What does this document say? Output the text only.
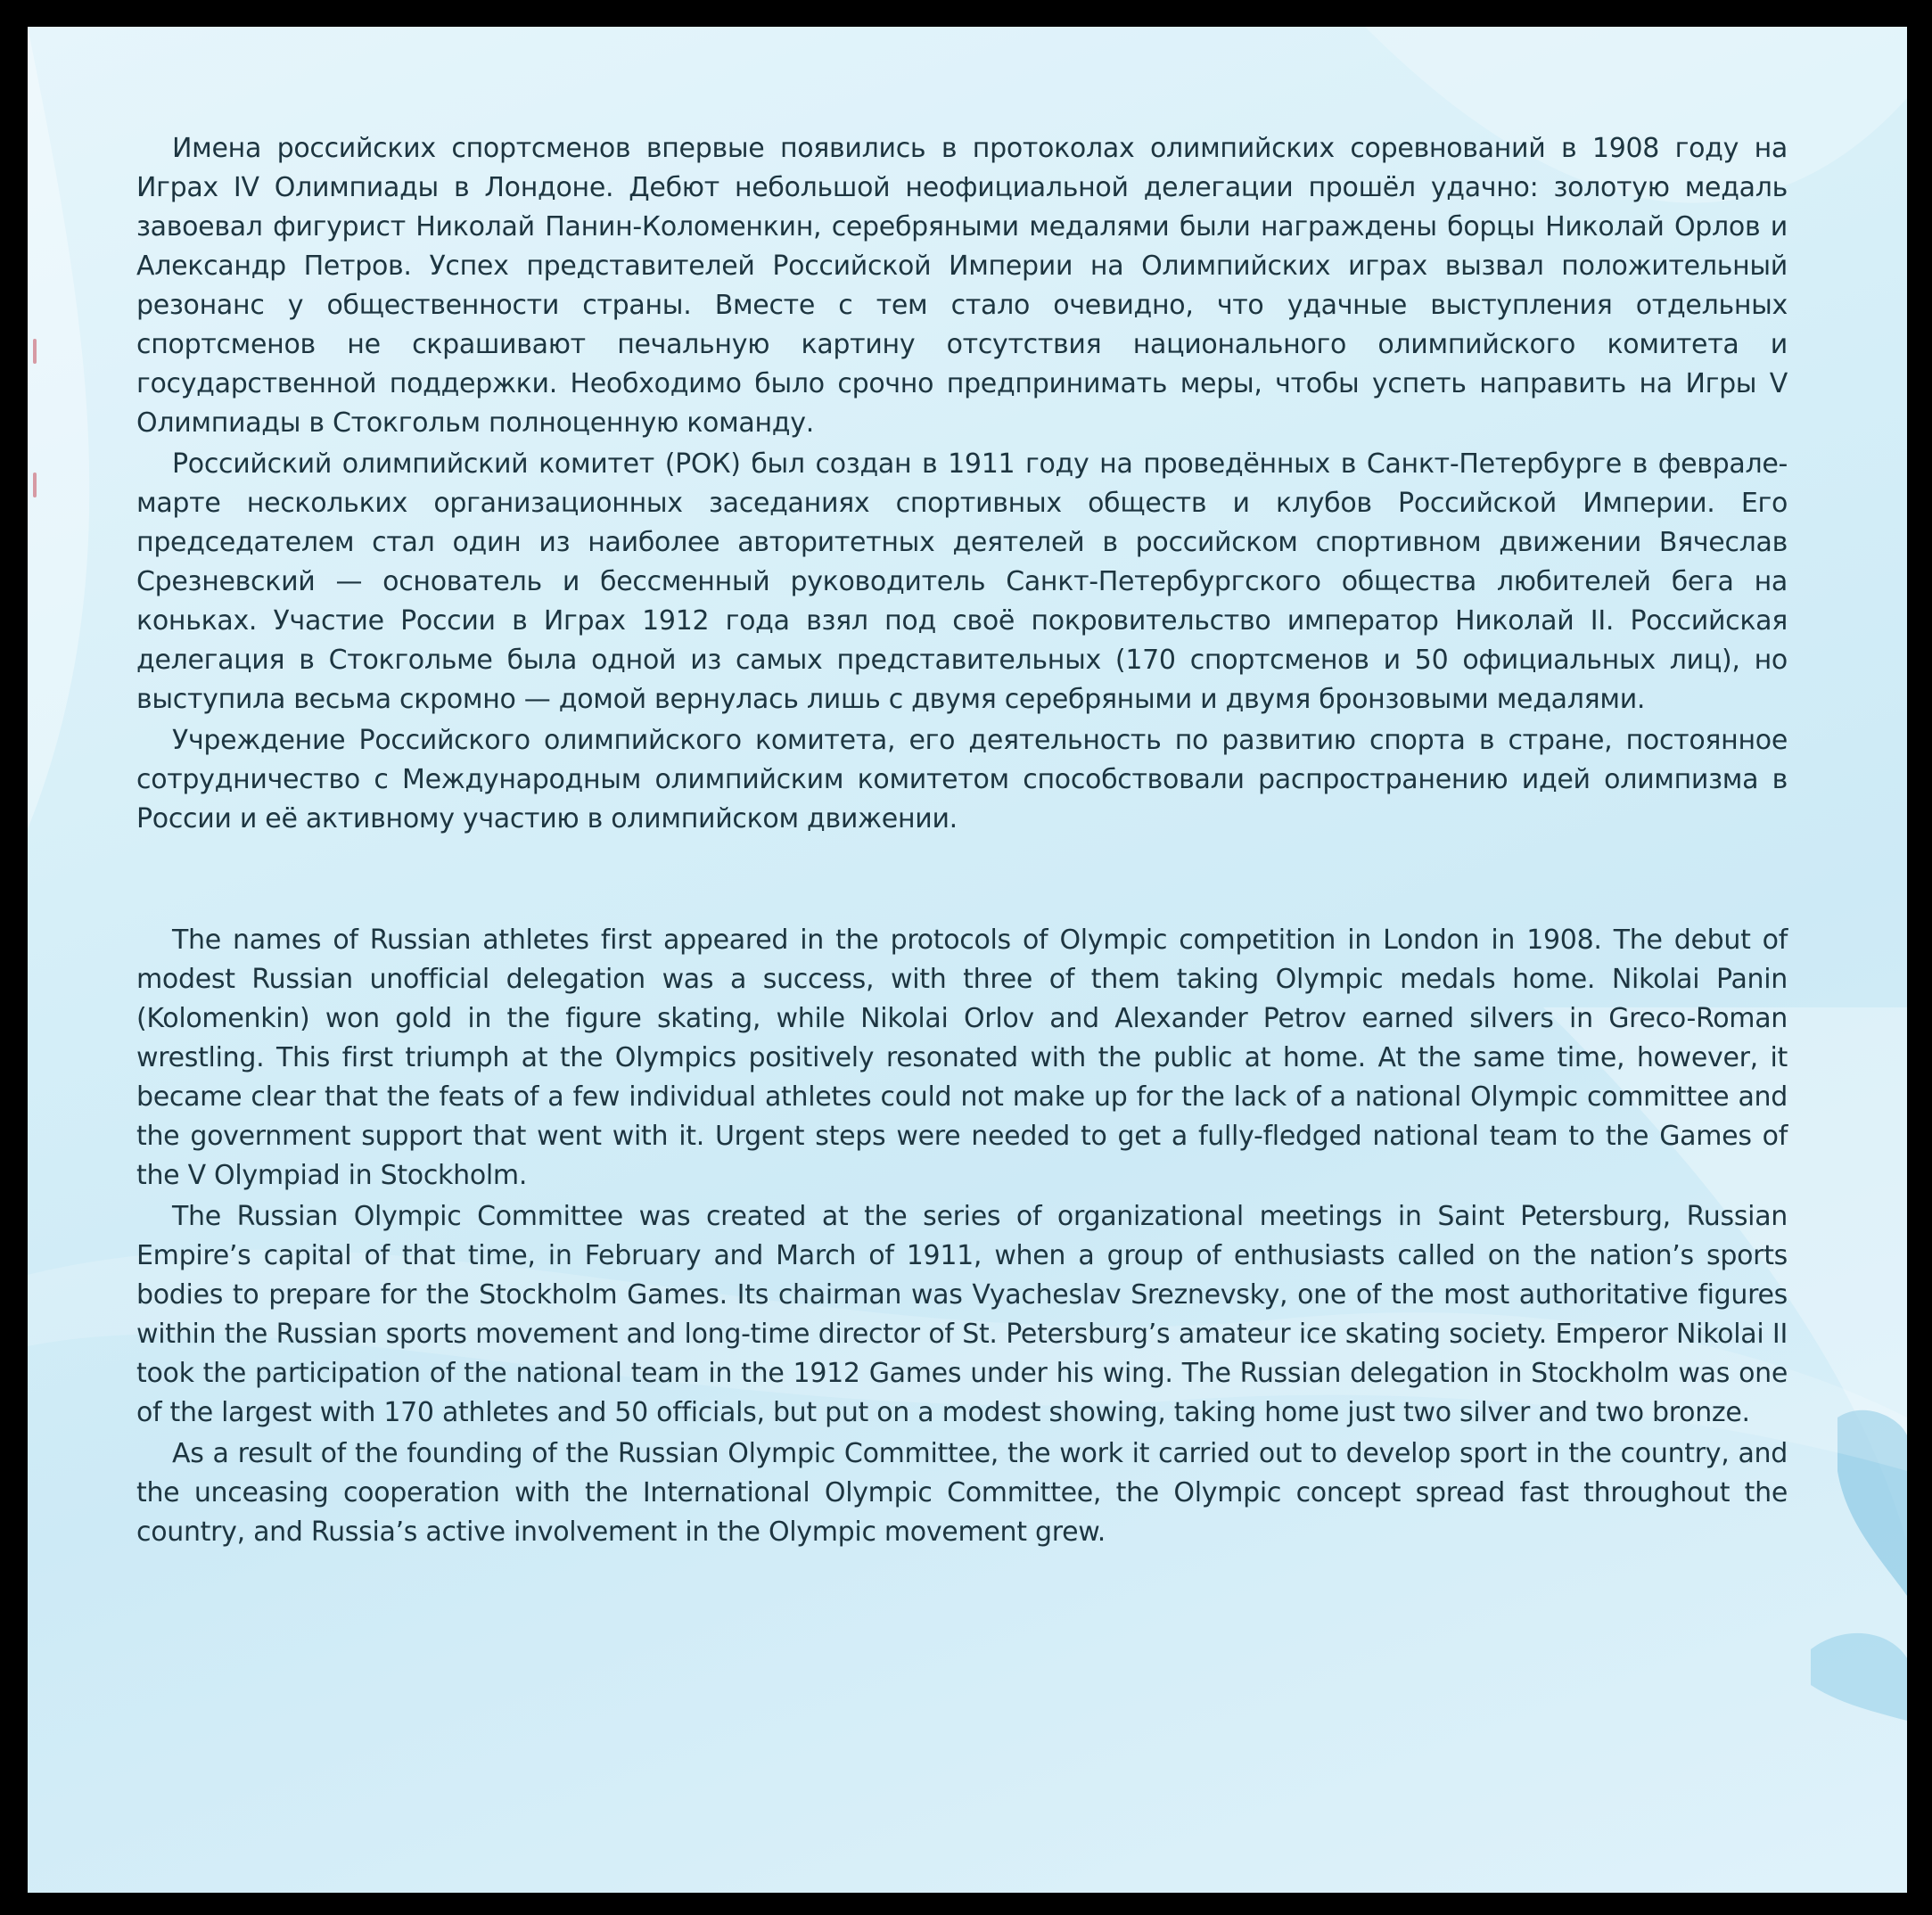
Имена российских спортсменов впервые появились в протоколах олимпийских соревнований в 1908 году на Играх IV Олимпиады в Лондоне. Дебют небольшой неофициальной делегации прошёл удачно: золотую медаль завоевал фигурист Николай Панин-Коломенкин, серебряными медалями были награждены борцы Николай Орлов и Александр Петров. Успех представителей Российской Империи на Олимпийских играх вызвал положительный резонанс у общественности страны. Вместе с тем стало очевидно, что удачные выступления отдельных спортсменов не скрашивают печальную картину отсутствия национального олимпийского комитета и государственной поддержки. Необходимо было срочно предпринимать меры, чтобы успеть направить на Игры V Олимпиады в Стокгольм полноценную команду.

Российский олимпийский комитет (РОК) был создан в 1911 году на проведённых в Санкт-Петербурге в феврале-марте нескольких организационных заседаниях спортивных обществ и клубов Российской Империи. Его председателем стал один из наиболее авторитетных деятелей в российском спортивном движении Вячеслав Срезневский — основатель и бессменный руководитель Санкт-Петербургского общества любителей бега на коньках. Участие России в Играх 1912 года взял под своё покровительство император Николай II. Российская делегация в Стокгольме была одной из самых представительных (170 спортсменов и 50 официальных лиц), но выступила весьма скромно — домой вернулась лишь с двумя серебряными и двумя бронзовыми медалями.

Учреждение Российского олимпийского комитета, его деятельность по развитию спорта в стране, постоянное сотрудничество с Международным олимпийским комитетом способствовали распространению идей олимпизма в России и её активному участию в олимпийском движении.

The names of Russian athletes first appeared in the protocols of Olympic competition in London in 1908. The debut of modest Russian unofficial delegation was a success, with three of them taking Olympic medals home. Nikolai Panin (Kolomenkin) won gold in the figure skating, while Nikolai Orlov and Alexander Petrov earned silvers in Greco-Roman wrestling. This first triumph at the Olympics positively resonated with the public at home. At the same time, however, it became clear that the feats of a few individual athletes could not make up for the lack of a national Olympic committee and the government support that went with it. Urgent steps were needed to get a fully-fledged national team to the Games of the V Olympiad in Stockholm.

The Russian Olympic Committee was created at the series of organizational meetings in Saint Petersburg, Russian Empire’s capital of that time, in February and March of 1911, when a group of enthusiasts called on the nation’s sports bodies to prepare for the Stockholm Games. Its chairman was Vyacheslav Sreznevsky, one of the most authoritative figures within the Russian sports movement and long-time director of St. Petersburg’s amateur ice skating society. Emperor Nikolai II took the participation of the national team in the 1912 Games under his wing. The Russian delegation in Stockholm was one of the largest with 170 athletes and 50 officials, but put on a modest showing, taking home just two silver and two bronze.

As a result of the founding of the Russian Olympic Committee, the work it carried out to develop sport in the country, and the unceasing cooperation with the International Olympic Committee, the Olympic concept spread fast throughout the country, and Russia’s active involvement in the Olympic movement grew.
